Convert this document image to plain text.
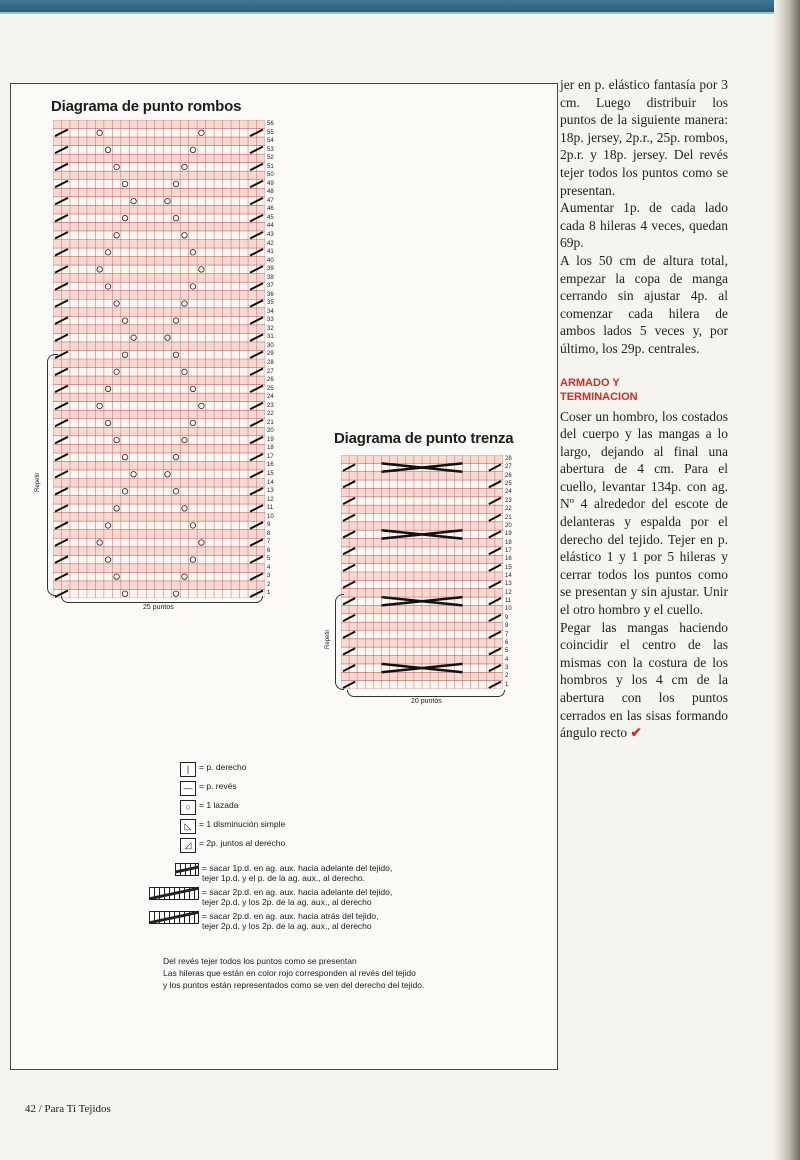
Diagrama de punto rombos
56
55
54
53
52
51
50
49
48
47
46
45
44
43
42
41
40
39
38
37
36
35
34
33
32
31
30
29
28
27
26
25
24
23
22
21
20
19
18
17
16
15
14
13
12
11
10
9
8
7
6
5
4
3
2
1
Repetir
25 puntos
Diagrama de punto trenza
28
27
26
25
24
23
22
21
20
19
18
17
16
15
14
13
12
11
10
9
8
7
6
5
4
3
2
1
Repetir
20 puntos
|	= p. derecho
— = p. revés
○ = 1 lazada
◺ = 1 disminución simple
◿ = 2p. juntos al derecho
= sacar 1p.d. en ag. aux. hacia adelante del tejido,
tejer 1p.d. y el p. de la ag. aux., al derecho.
= sacar 2p.d. en ag. aux. hacia adelante del tejido,
tejer 2p.d. y los 2p. de la ag. aux., al derecho
= sacar 2p.d. en ag. aux. hacia atrás del tejido,
tejer 2p.d. y los 2p. de la ag. aux., al derecho
Del revés tejer todos los puntos como se presentan
Las hileras que están en color rojo corresponden al revés del tejido
y los puntos están representados como se ven del derecho del tejido.

jer en p. elástico fantasía por 3 cm. Luego distribuir los puntos de la siguiente manera: 18p. jersey, 2p.r., 25p. rombos, 2p.r. y 18p. jersey. Del revés tejer todos los puntos como se presentan.

Aumentar 1p. de cada lado cada 8 hileras 4 veces, quedan 69p.

A los 50 cm de altura total, empezar la copa de manga cerrando sin ajustar 4p. al comenzar cada hilera de ambos lados 5 veces y, por último, los 29p. centrales.

ARMADO Y
TERMINACION

Coser un hombro, los costados del cuerpo y las mangas a lo largo, dejando al final una abertura de 4 cm. Para el cuello, levantar 134p. con ag. Nº 4 alrededor del escote de delanteras y espalda por el derecho del tejido. Tejer en p. elástico 1 y 1 por 5 hileras y cerrar todos los puntos como se presentan y sin ajustar. Unir el otro hombro y el cuello.

Pegar las mangas haciendo coincidir el centro de las mismas con la costura de los hombros y los 4 cm de la abertura con los puntos cerrados en las sisas formando ángulo recto ✔

42 / Para Ti Tejidos
